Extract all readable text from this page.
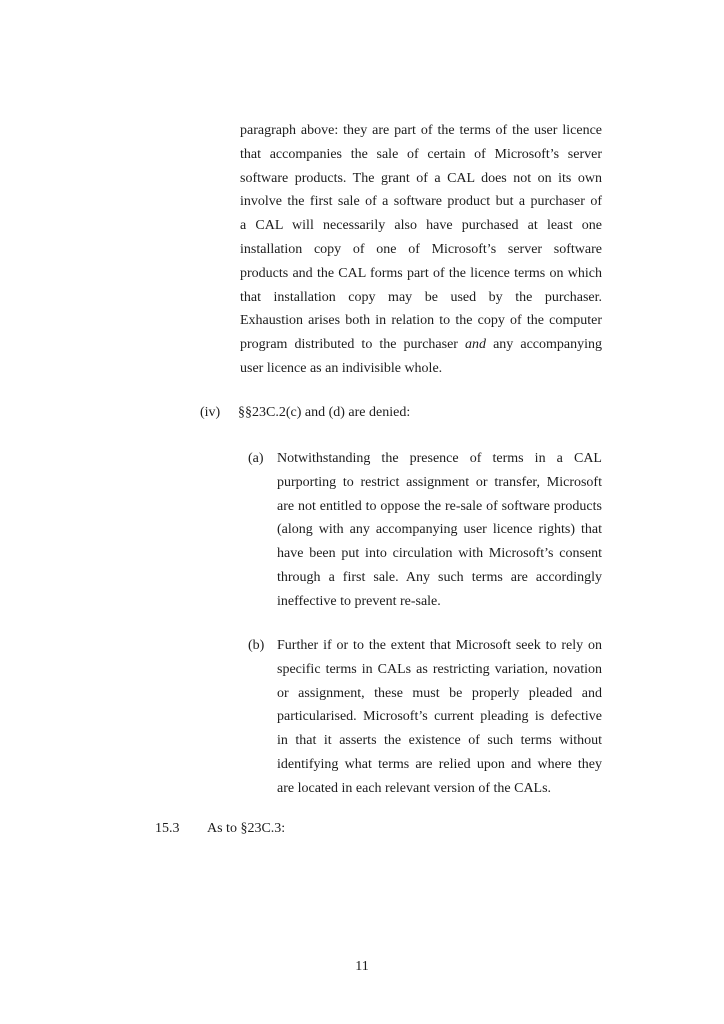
paragraph above: they are part of the terms of the user licence
that accompanies the sale of certain of Microsoft’s server
software products. The grant of a CAL does not on its own
involve the first sale of a software product but a purchaser of
a CAL will necessarily also have purchased at least one
installation copy of one of Microsoft’s server software
products and the CAL forms part of the licence terms on which
that installation copy may be used by the purchaser.
Exhaustion arises both in relation to the copy of the computer
program distributed to the purchaser and any accompanying
user licence as an indivisible whole.
(iv) §§23C.2(c) and (d) are denied:
(a) Notwithstanding the presence of terms in a CAL
purporting to restrict assignment or transfer, Microsoft
are not entitled to oppose the re-sale of software products
(along with any accompanying user licence rights) that
have been put into circulation with Microsoft’s consent
through a first sale. Any such terms are accordingly
ineffective to prevent re-sale.
(b) Further if or to the extent that Microsoft seek to rely on
specific terms in CALs as restricting variation, novation
or assignment, these must be properly pleaded and
particularised. Microsoft’s current pleading is defective
in that it asserts the existence of such terms without
identifying what terms are relied upon and where they
are located in each relevant version of the CALs.
15.3 As to §23C.3:
11
